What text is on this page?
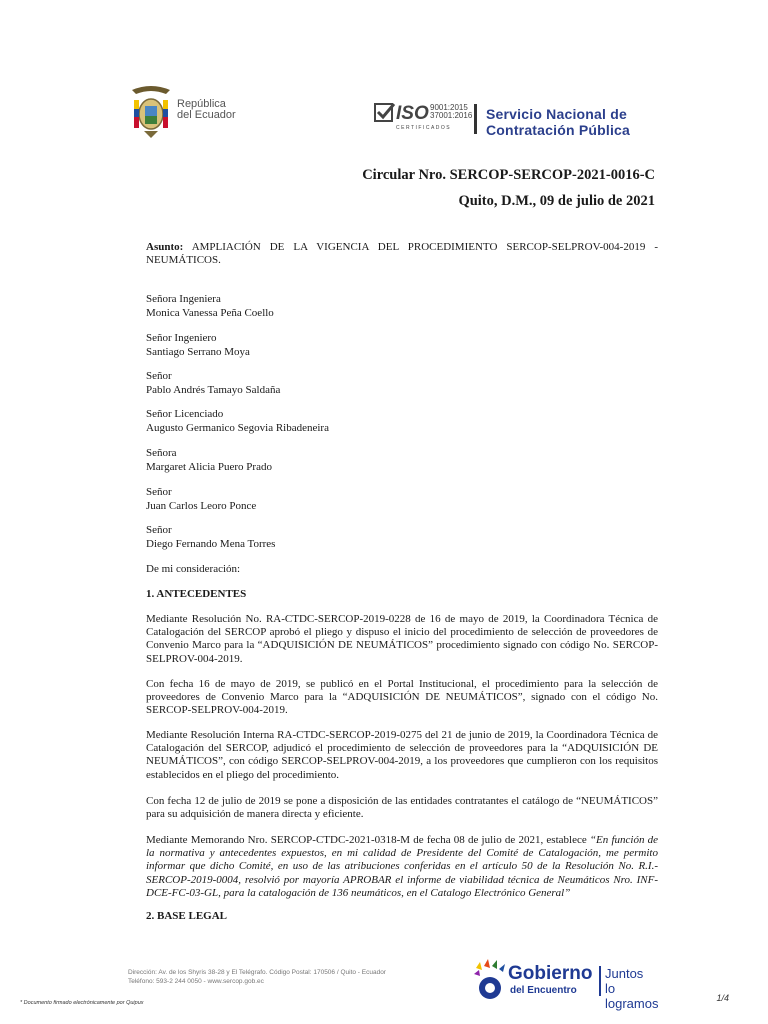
República
del Ecuador	ISO 9001:2015
37001:2016
CERTIFICADOS
Servicio Nacional de
Contratación Pública
Circular Nro. SERCOP-SERCOP-2021-0016-C
Quito, D.M., 09 de julio de 2021
Asunto: AMPLIACIÓN DE LA VIGENCIA DEL PROCEDIMIENTO SERCOP-SELPROV-004-2019 - NEUMÁTICOS.
Señora Ingeniera
Monica Vanessa Peña Coello
Señor Ingeniero
Santiago Serrano Moya
Señor
Pablo Andrés Tamayo Saldaña
Señor Licenciado
Augusto Germanico Segovia Ribadeneira
Señora
Margaret Alicia Puero Prado
Señor
Juan Carlos Leoro Ponce
Señor
Diego Fernando Mena Torres
De mi consideración:
1. ANTECEDENTES
Mediante Resolución No. RA-CTDC-SERCOP-2019-0228 de 16 de mayo de 2019, la Coordinadora Técnica de Catalogación del SERCOP aprobó el pliego y dispuso el inicio del procedimiento de selección de proveedores de Convenio Marco para la “ADQUISICIÓN DE NEUMÁTICOS” procedimiento signado con código No. SERCOP-SELPROV-004-2019.
Con fecha 16 de mayo de 2019, se publicó en el Portal Institucional, el procedimiento para la selección de proveedores de Convenio Marco para la “ADQUISICIÓN DE NEUMÁTICOS”, signado con el código No. SERCOP-SELPROV-004-2019.
Mediante Resolución Interna RA-CTDC-SERCOP-2019-0275 del 21 de junio de 2019, la Coordinadora Técnica de Catalogación del SERCOP, adjudicó el procedimiento de selección de proveedores para la “ADQUISICIÓN DE NEUMÁTICOS”, con código SERCOP-SELPROV-004-2019, a los proveedores que cumplieron con los requisitos establecidos en el pliego del procedimiento.
Con fecha 12 de julio de 2019 se pone a disposición de las entidades contratantes el catálogo de “NEUMÁTICOS” para su adquisición de manera directa y eficiente.
Mediante Memorando Nro. SERCOP-CTDC-2021-0318-M de fecha 08 de julio de 2021, establece “En función de la normativa y antecedentes expuestos, en mi calidad de Presidente del Comité de Catalogación, me permito informar que dicho Comité, en uso de las atribuciones conferidas en el artículo 50 de la Resolución No. R.I.-SERCOP-2019-0004, resolvió por mayoría APROBAR el informe de viabilidad técnica de Neumáticos Nro. INF-DCE-FC-03-GL, para la catalogación de 136 neumáticos, en el Catalogo Electrónico General”
2. BASE LEGAL
Dirección: Av. de los Shyris 38-28 y El Telégrafo. Código Postal: 170506 / Quito - Ecuador
Teléfono: 593-2 244 0050 - www.sercop.gob.ec	Gobierno
del Encuentro
Juntos
lo logramos	1/4
* Documento firmado electrónicamente por Quipux
